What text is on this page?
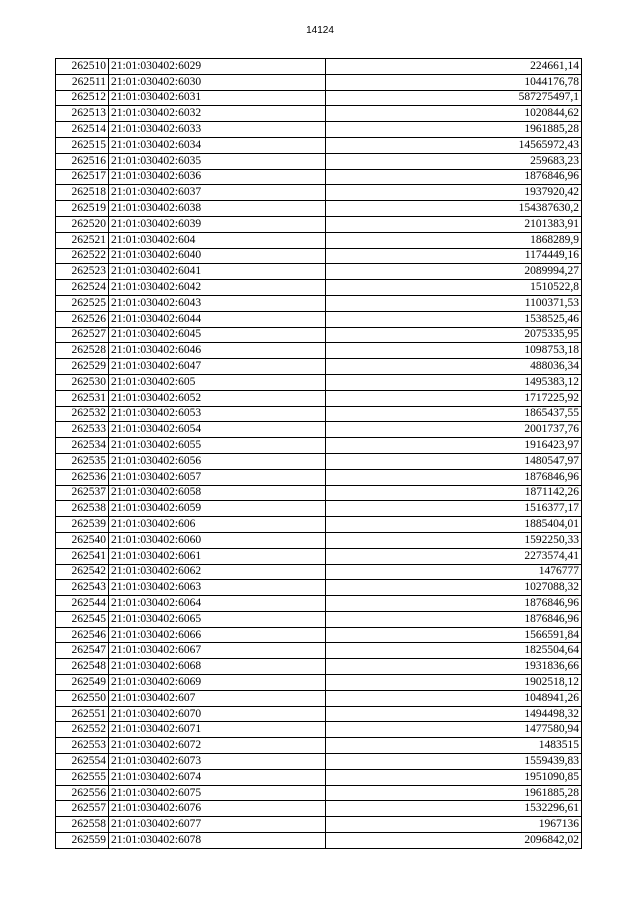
14124
262510	21:01:030402:6029	224661,14
262511	21:01:030402:6030	1044176,78
262512	21:01:030402:6031	587275497,1
262513	21:01:030402:6032	1020844,62
262514	21:01:030402:6033	1961885,28
262515	21:01:030402:6034	14565972,43
262516	21:01:030402:6035	259683,23
262517	21:01:030402:6036	1876846,96
262518	21:01:030402:6037	1937920,42
262519	21:01:030402:6038	154387630,2
262520	21:01:030402:6039	2101383,91
262521	21:01:030402:604	1868289,9
262522	21:01:030402:6040	1174449,16
262523	21:01:030402:6041	2089994,27
262524	21:01:030402:6042	1510522,8
262525	21:01:030402:6043	1100371,53
262526	21:01:030402:6044	1538525,46
262527	21:01:030402:6045	2075335,95
262528	21:01:030402:6046	1098753,18
262529	21:01:030402:6047	488036,34
262530	21:01:030402:605	1495383,12
262531	21:01:030402:6052	1717225,92
262532	21:01:030402:6053	1865437,55
262533	21:01:030402:6054	2001737,76
262534	21:01:030402:6055	1916423,97
262535	21:01:030402:6056	1480547,97
262536	21:01:030402:6057	1876846,96
262537	21:01:030402:6058	1871142,26
262538	21:01:030402:6059	1516377,17
262539	21:01:030402:606	1885404,01
262540	21:01:030402:6060	1592250,33
262541	21:01:030402:6061	2273574,41
262542	21:01:030402:6062	1476777
262543	21:01:030402:6063	1027088,32
262544	21:01:030402:6064	1876846,96
262545	21:01:030402:6065	1876846,96
262546	21:01:030402:6066	1566591,84
262547	21:01:030402:6067	1825504,64
262548	21:01:030402:6068	1931836,66
262549	21:01:030402:6069	1902518,12
262550	21:01:030402:607	1048941,26
262551	21:01:030402:6070	1494498,32
262552	21:01:030402:6071	1477580,94
262553	21:01:030402:6072	1483515
262554	21:01:030402:6073	1559439,83
262555	21:01:030402:6074	1951090,85
262556	21:01:030402:6075	1961885,28
262557	21:01:030402:6076	1532296,61
262558	21:01:030402:6077	1967136
262559	21:01:030402:6078	2096842,02
